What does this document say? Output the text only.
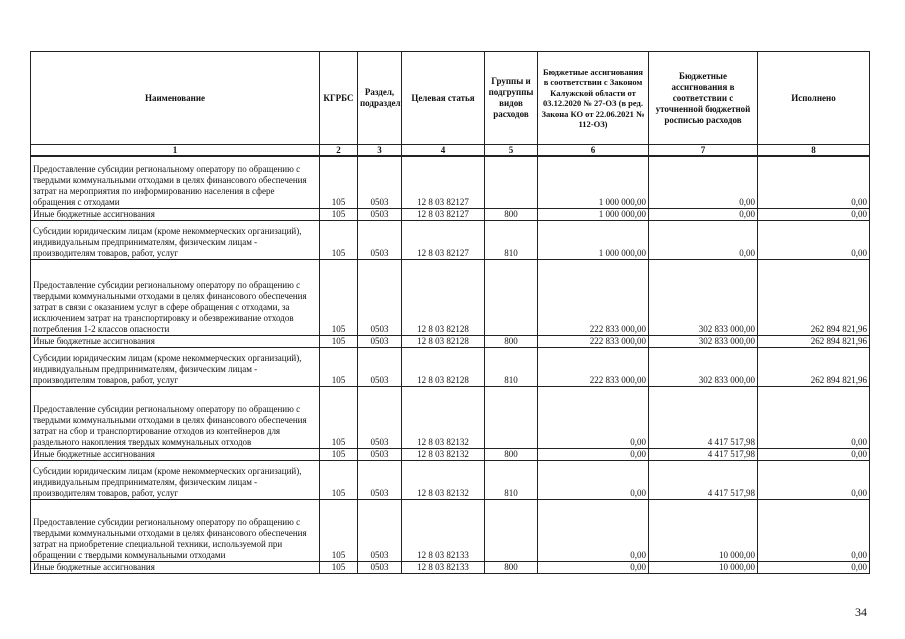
Наименование	КГРБС	Раздел, подраздел	Целевая статья	Группы и подгруппы видов расходов	Бюджетные ассигнования в соответствии с Законом Калужской области от 03.12.2020 № 27-ОЗ (в ред. Закона КО от 22.06.2021 № 112-ОЗ)	Бюджетные ассигнования в соответствии с уточненной бюджетной росписью расходов	Исполнено
1	2	3	4	5	6	7	8
Предоставление субсидии региональному оператору по обращению с твердыми коммунальными отходами в целях финансового обеспечения затрат на мероприятия по информированию населения в сфере обращения с отходами	105	0503	12 8 03 82127		1 000 000,00	0,00	0,00
Иные бюджетные ассигнования	105	0503	12 8 03 82127	800	1 000 000,00	0,00	0,00
Субсидии юридическим лицам (кроме некоммерческих организаций), индивидуальным предпринимателям, физическим лицам - производителям товаров, работ, услуг	105	0503	12 8 03 82127	810	1 000 000,00	0,00	0,00
Предоставление субсидии региональному оператору по обращению с твердыми коммунальными отходами в целях финансового обеспечения затрат в связи с оказанием услуг в сфере обращения с отходами, за исключением затрат на транспортировку и обезвреживание отходов потребления 1-2 классов опасности	105	0503	12 8 03 82128		222 833 000,00	302 833 000,00	262 894 821,96
Иные бюджетные ассигнования	105	0503	12 8 03 82128	800	222 833 000,00	302 833 000,00	262 894 821,96
Субсидии юридическим лицам (кроме некоммерческих организаций), индивидуальным предпринимателям, физическим лицам - производителям товаров, работ, услуг	105	0503	12 8 03 82128	810	222 833 000,00	302 833 000,00	262 894 821,96
Предоставление субсидии региональному оператору по обращению с твердыми коммунальными отходами в целях финансового обеспечения затрат на сбор и транспортирование отходов из контейнеров для раздельного накопления твердых коммунальных отходов	105	0503	12 8 03 82132		0,00	4 417 517,98	0,00
Иные бюджетные ассигнования	105	0503	12 8 03 82132	800	0,00	4 417 517,98	0,00
Субсидии юридическим лицам (кроме некоммерческих организаций), индивидуальным предпринимателям, физическим лицам - производителям товаров, работ, услуг	105	0503	12 8 03 82132	810	0,00	4 417 517,98	0,00
Предоставление субсидии региональному оператору по обращению с твердыми коммунальными отходами в целях финансового обеспечения затрат на приобретение специальной техники, используемой при обращении с твердыми коммунальными отходами	105	0503	12 8 03 82133		0,00	10 000,00	0,00
Иные бюджетные ассигнования	105	0503	12 8 03 82133	800	0,00	10 000,00	0,00
34
